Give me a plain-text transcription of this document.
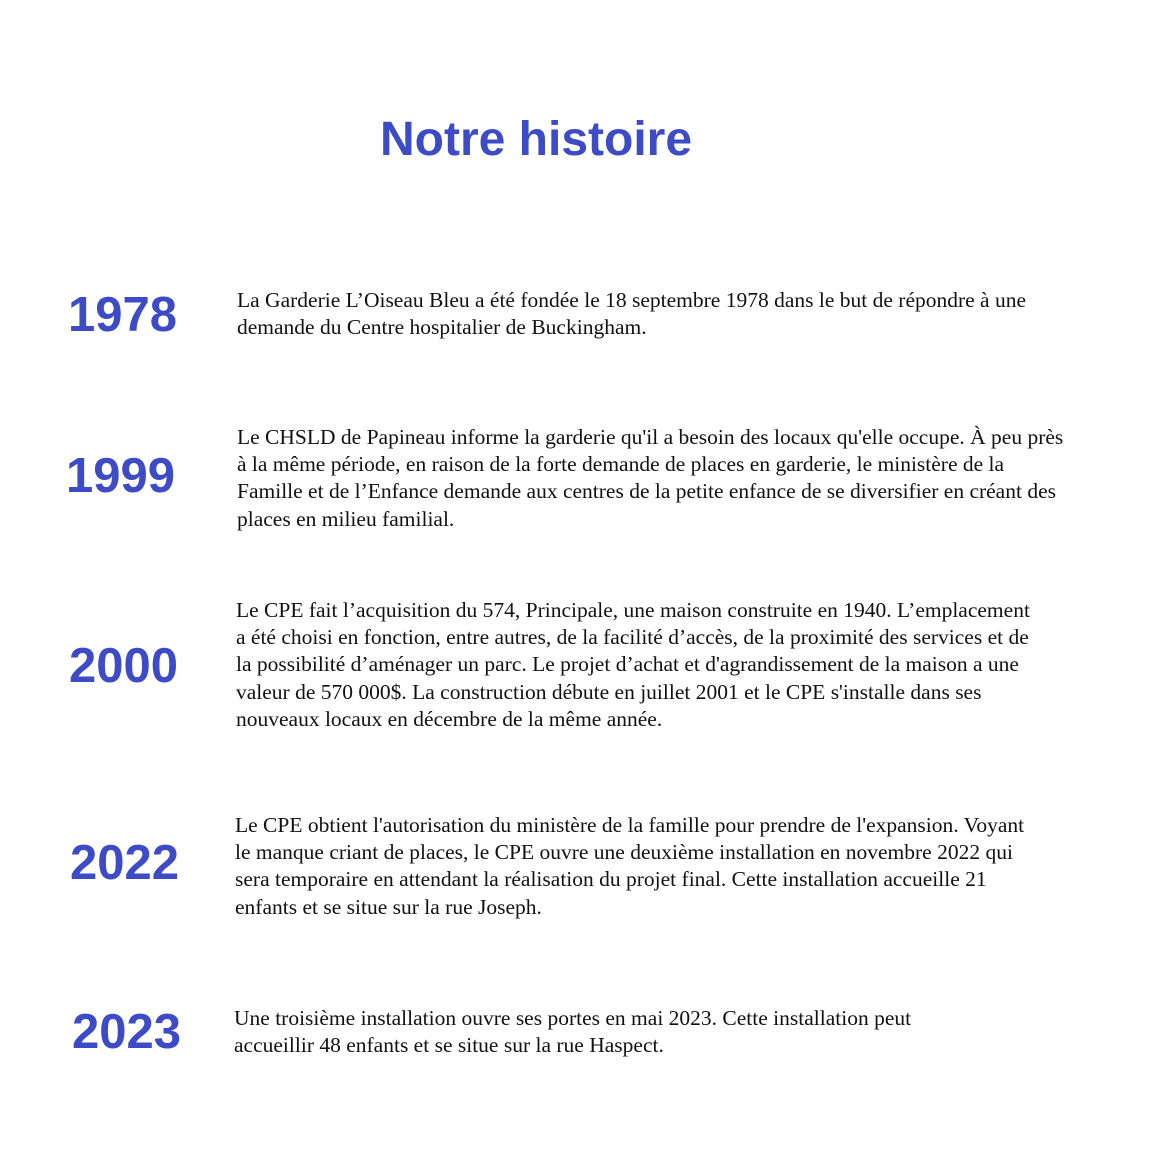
Notre histoire
1978	La Garderie L’Oiseau Bleu a été fondée le 18 septembre 1978 dans le but de répondre à une demande du Centre hospitalier de Buckingham.

1999

Le CHSLD de Papineau informe la garderie qu'il a besoin des locaux qu'elle occupe. À peu près à la même période, en raison de la forte demande de places en garderie, le ministère de la Famille et de l’Enfance demande aux centres de la petite enfance de se diversifier en créant des places en milieu familial.

2000

Le CPE fait l’acquisition du 574, Principale, une maison construite en 1940. L’emplacement a été choisi en fonction, entre autres, de la facilité d’accès, de la proximité des services et de la possibilité d’aménager un parc. Le projet d’achat et d'agrandissement de la maison a une valeur de 570 000$. La construction débute en juillet 2001 et le CPE s'installe dans ses nouveaux locaux en décembre de la même année.

2022

Le CPE obtient l'autorisation du ministère de la famille pour prendre de l'expansion. Voyant le manque criant de places, le CPE ouvre une deuxième installation en novembre 2022 qui sera temporaire en attendant la réalisation du projet final. Cette installation accueille 21 enfants et se situe sur la rue Joseph.

2023 Une troisième installation ouvre ses portes en mai 2023. Cette installation peut accueillir 48 enfants et se situe sur la rue Haspect.
